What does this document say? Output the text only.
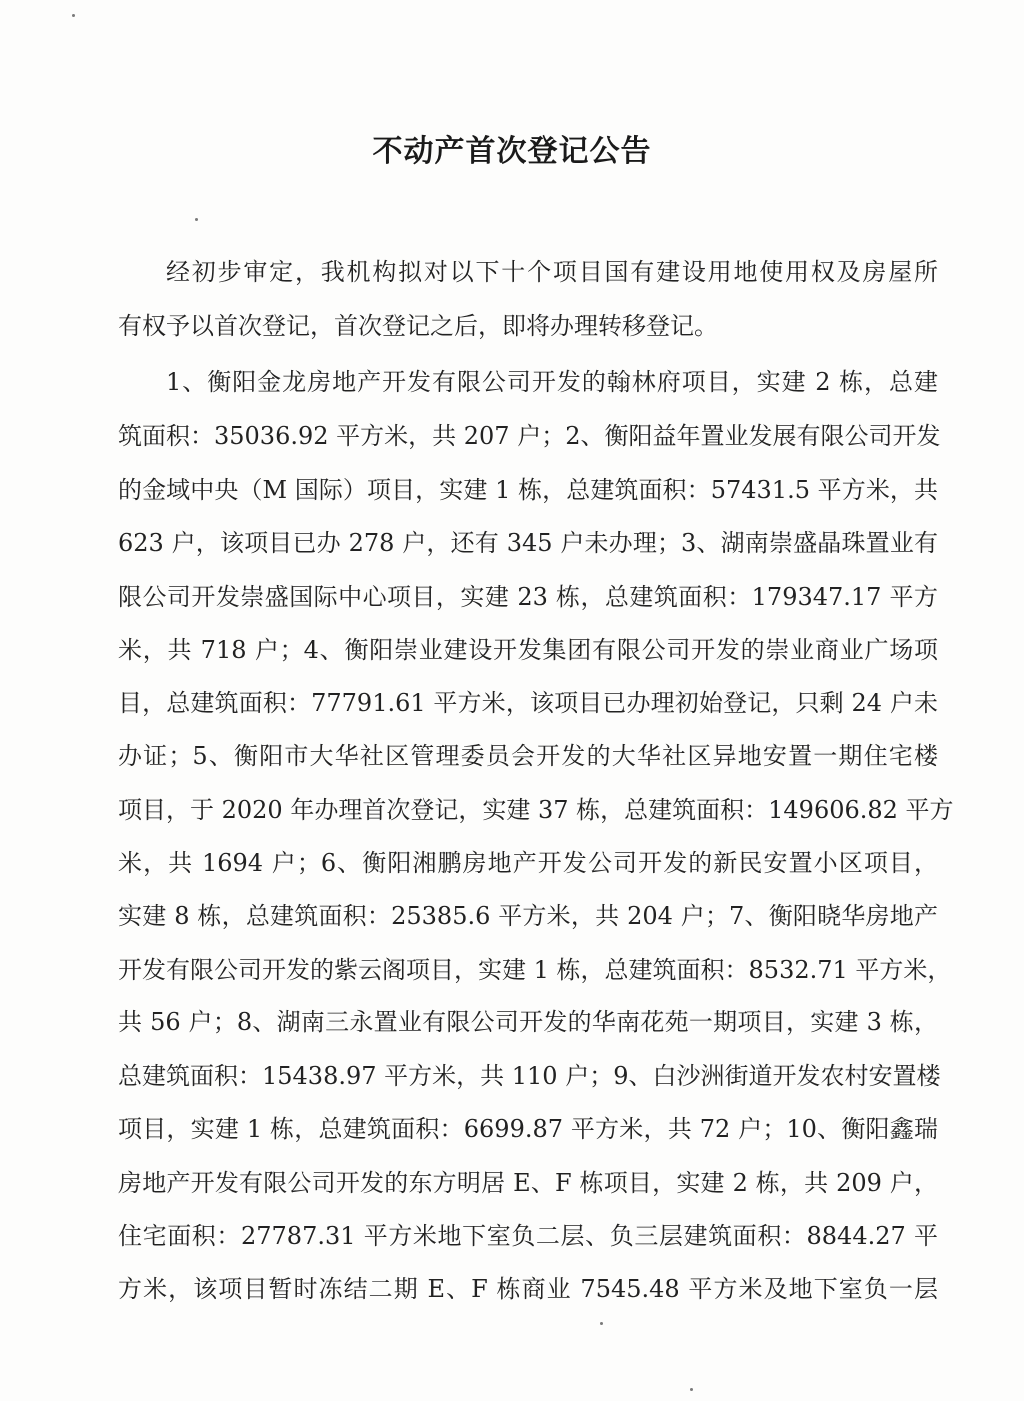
不动产首次登记公告
经初步审定，我机构拟对以下十个项目国有建设用地使用权及房屋所
有权予以首次登记，首次登记之后，即将办理转移登记。
1、衡阳金龙房地产开发有限公司开发的翰林府项目，实建 2 栋，总建
筑面积：35036.92 平方米，共 207 户；2、衡阳益年置业发展有限公司开发
的金域中央（M 国际）项目，实建 1 栋，总建筑面积：57431.5 平方米，共
623 户，该项目已办 278 户，还有 345 户未办理；3、湖南崇盛晶珠置业有
限公司开发崇盛国际中心项目，实建 23 栋，总建筑面积：179347.17 平方
米，共 718 户；4、衡阳崇业建设开发集团有限公司开发的崇业商业广场项
目，总建筑面积：77791.61 平方米，该项目已办理初始登记，只剩 24 户未
办证；5、衡阳市大华社区管理委员会开发的大华社区异地安置一期住宅楼
项目，于 2020 年办理首次登记，实建 37 栋，总建筑面积：149606.82 平方
米，共 1694 户；6、衡阳湘鹏房地产开发公司开发的新民安置小区项目，
实建 8 栋，总建筑面积：25385.6 平方米，共 204 户；7、衡阳晓华房地产
开发有限公司开发的紫云阁项目，实建 1 栋，总建筑面积：8532.71 平方米，
共 56 户；8、湖南三永置业有限公司开发的华南花苑一期项目，实建 3 栋，
总建筑面积：15438.97 平方米，共 110 户；9、白沙洲街道开发农村安置楼
项目，实建 1 栋，总建筑面积：6699.87 平方米，共 72 户；10、衡阳鑫瑞
房地产开发有限公司开发的东方明居 E、F 栋项目，实建 2 栋，共 209 户，
住宅面积：27787.31 平方米地下室负二层、负三层建筑面积：8844.27 平
方米，该项目暂时冻结二期 E、F 栋商业 7545.48 平方米及地下室负一层
